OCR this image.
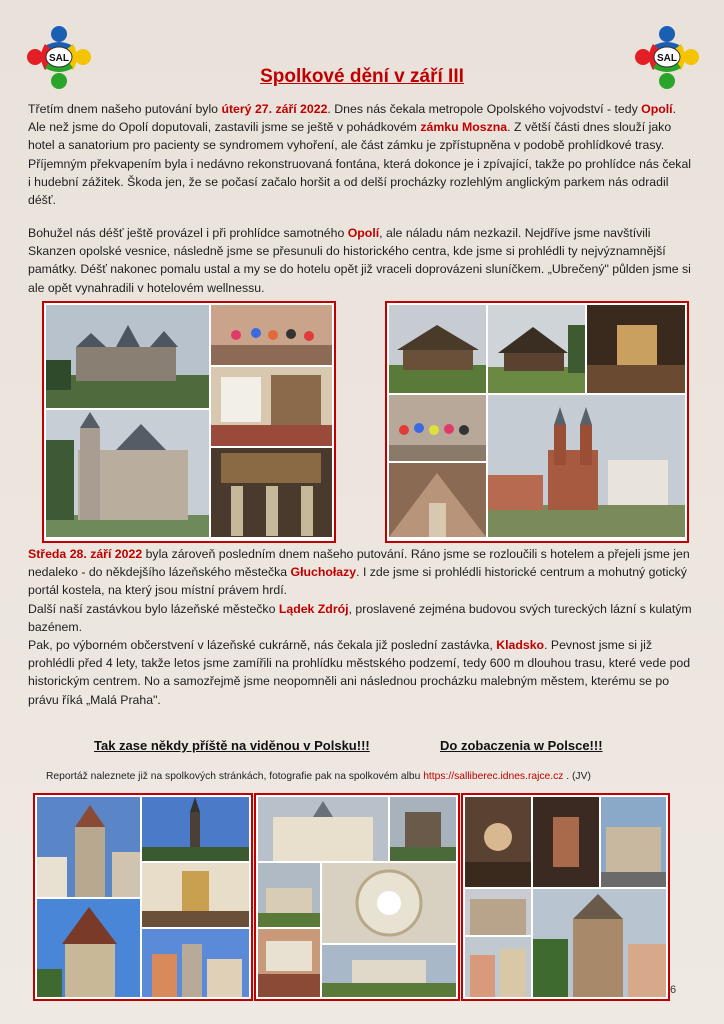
SAL	SAL
Spolkové dění v září III

Třetím dnem našeho putování bylo úterý 27. září 2022. Dnes nás čekala metropole Opolského vojvodství - tedy Opolí. Ale než jsme do Opolí doputovali, zastavili jsme se ještě v pohádkovém zámku Moszna. Z větší části dnes slouží jako hotel a sanatorium pro pacienty se syndromem vyhoření, ale část zámku je zpřístupněna v podobě prohlídkové trasy. Příjemným překvapením byla i nedávno rekonstruovaná fontána, která dokonce je i zpívající, takže po prohlídce nás čekal i hudební zážitek. Škoda jen, že se počasí začalo horšit a od delší procházky rozlehlým anglickým parkem nás odradil déšť.

Bohužel nás déšť ještě provázel i při prohlídce samotného Opolí, ale náladu nám nezkazil. Nejdříve jsme navštívili Skanzen opolské vesnice, následně jsme se přesunuli do historického centra, kde jsme si prohlédli ty nejvýznamnější památky. Déšť nakonec pomalu ustal a my se do hotelu opět již vraceli doprovázeni sluníčkem. „Ubrečený" půlden jsme si ale opět vynahradili v hotelovém wellnessu.

Středa 28. září 2022 byla zároveň posledním dnem našeho putování. Ráno jsme se rozloučili s hotelem a přejeli jsme jen nedaleko - do někdejšího lázeňského městečka Głuchołazy. I zde jsme si prohlédli historické centrum a mohutný gotický portál kostela, na který jsou místní právem hrdí.
Další naší zastávkou bylo lázeňské městečko Lądek Zdrój, proslavené zejména budovou svých tureckých lázní s kulatým bazénem.
Pak, po výborném občerstvení v lázeňské cukrárně, nás čekala již poslední zastávka, Kladsko. Pevnost jsme si již prohlédli před 4 lety, takže letos jsme zamířili na prohlídku městského podzemí, tedy 600 m dlouhou trasu, které vede pod historickým centrem. No a samozřejmě jsme neopomněli ani následnou procházku malebným městem, kterému se po právu říká „Malá Praha".

Tak zase někdy příště na viděnou v Polsku!!!	Do zobaczenia w Polsce!!!
Reportáž naleznete již na spolkových stránkách, fotografie pak na spolkovém albu https://salliberec.idnes.rajce.cz . (JV)
6
